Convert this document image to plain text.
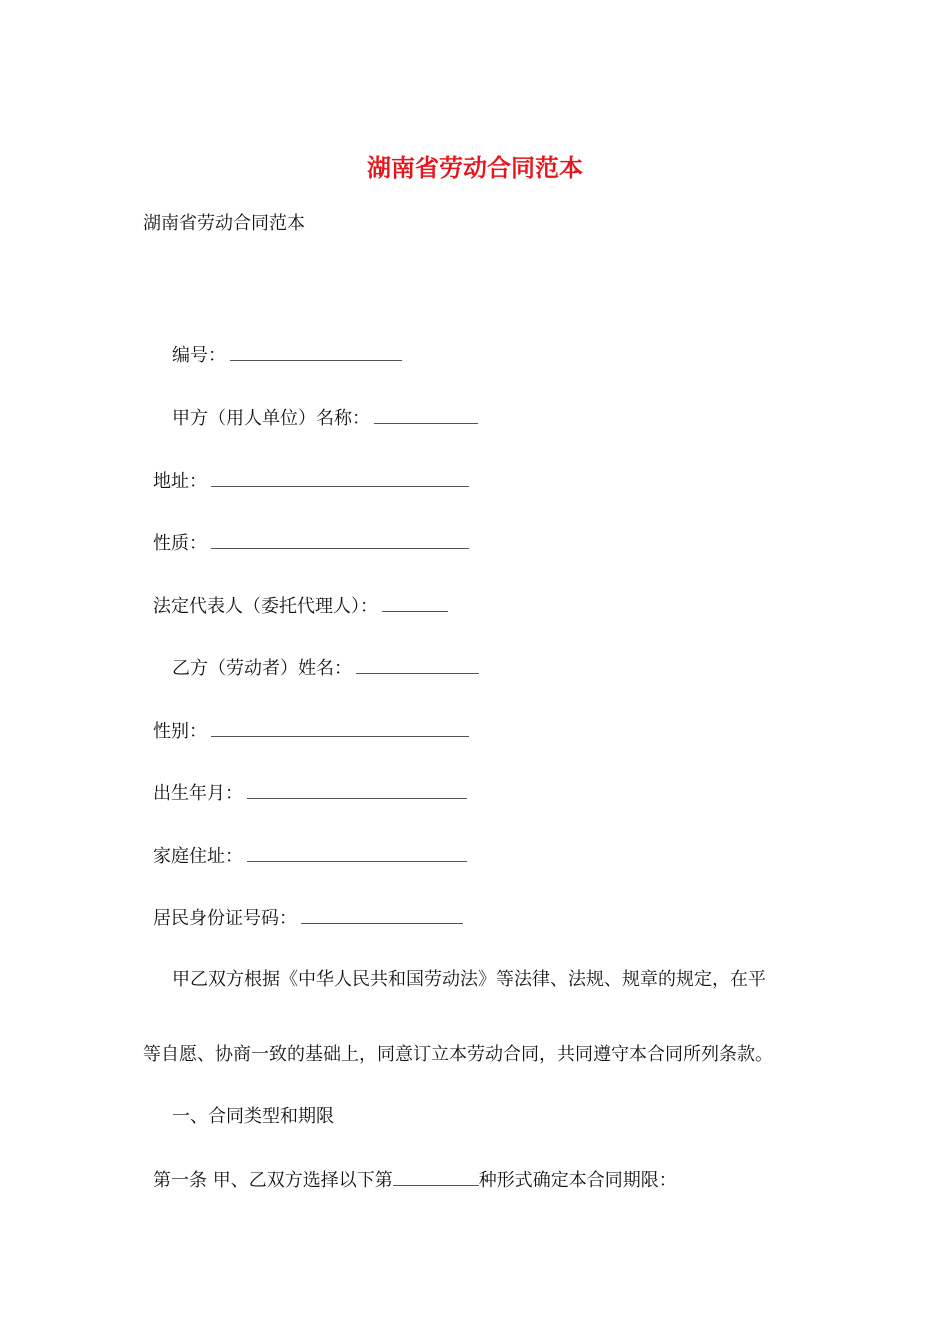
湖南省劳动合同范本
湖南省劳动合同范本
编号：
甲方（用人单位）名称：
地址：
性质：
法定代表人（委托代理人）：
乙方（劳动者）姓名：
性别：
出生年月：
家庭住址：
居民身份证号码：
甲乙双方根据《中华人民共和国劳动法》等法律、法规、规章的规定，在平
等自愿、协商一致的基础上，同意订立本劳动合同，共同遵守本合同所列条款。
一、合同类型和期限
第一条 甲、乙双方选择以下第	种形式确定本合同期限：
